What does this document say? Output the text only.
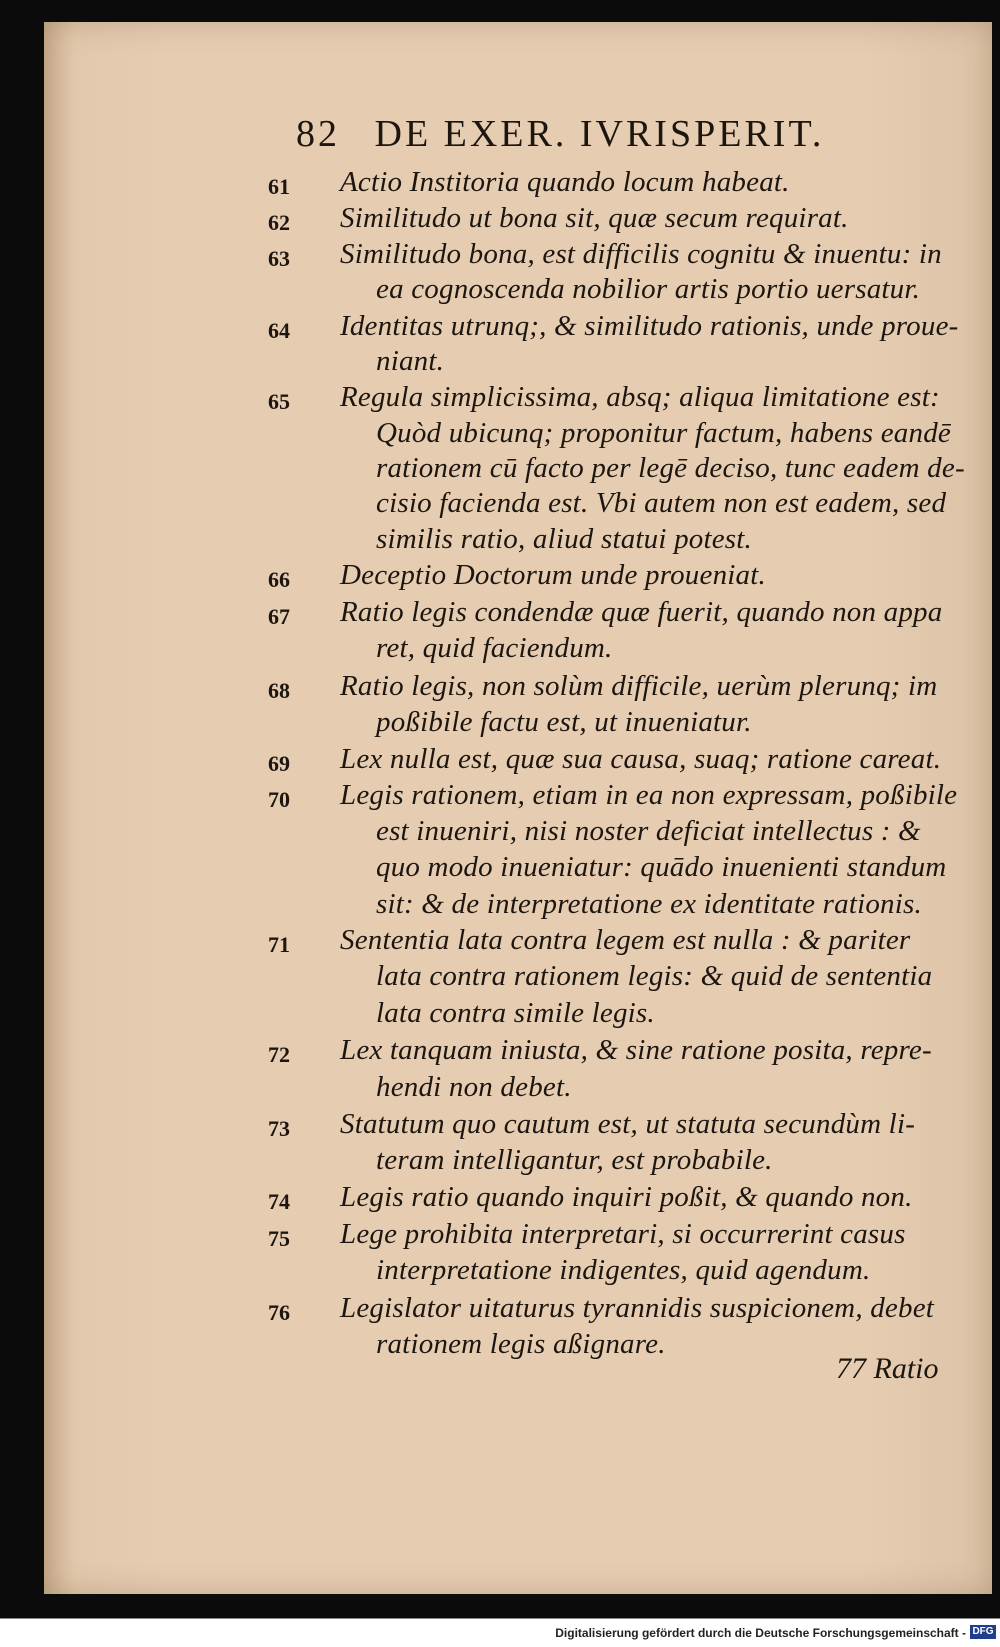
82 DE EXER. IVRISPERIT.
61	Actio Institoria quando locum habeat.
62	Similitudo ut bona sit, quæ secum requirat.
63	Similitudo bona, est difficilis cognitu & inuentu: in
ea cognoscenda nobilior artis portio uersatur.
64	Identitas utrunq;, & similitudo rationis, unde proue-
niant.
65	Regula simplicissima, absq; aliqua limitatione est:
Quòd ubicunq; proponitur factum, habens eandē
rationem cū facto per legē deciso, tunc eadem de-
cisio facienda est. Vbi autem non est eadem, sed
similis ratio, aliud statui potest.
66	Deceptio Doctorum unde proueniat.
67	Ratio legis condendæ quæ fuerit, quando non appa
ret, quid faciendum.
68	Ratio legis, non solùm difficile, uerùm plerunq; im
poßibile factu est, ut inueniatur.
69	Lex nulla est, quæ sua causa, suaq; ratione careat.
70	Legis rationem, etiam in ea non expressam, poßibile
est inueniri, nisi noster deficiat intellectus : &
quo modo inueniatur: quādo inuenienti standum
sit: & de interpretatione ex identitate rationis.
71	Sententia lata contra legem est nulla : & pariter
lata contra rationem legis: & quid de sententia
lata contra simile legis.
72	Lex tanquam iniusta, & sine ratione posita, repre-
hendi non debet.
73	Statutum quo cautum est, ut statuta secundùm li-
teram intelligantur, est probabile.
74	Legis ratio quando inquiri poßit, & quando non.
75	Lege prohibita interpretari, si occurrerint casus
interpretatione indigentes, quid agendum.
76	Legislator uitaturus tyrannidis suspicionem, debet
rationem legis aßignare.
77 Ratio
Digitalisierung gefördert durch die Deutsche Forschungsgemeinschaft - DFG
